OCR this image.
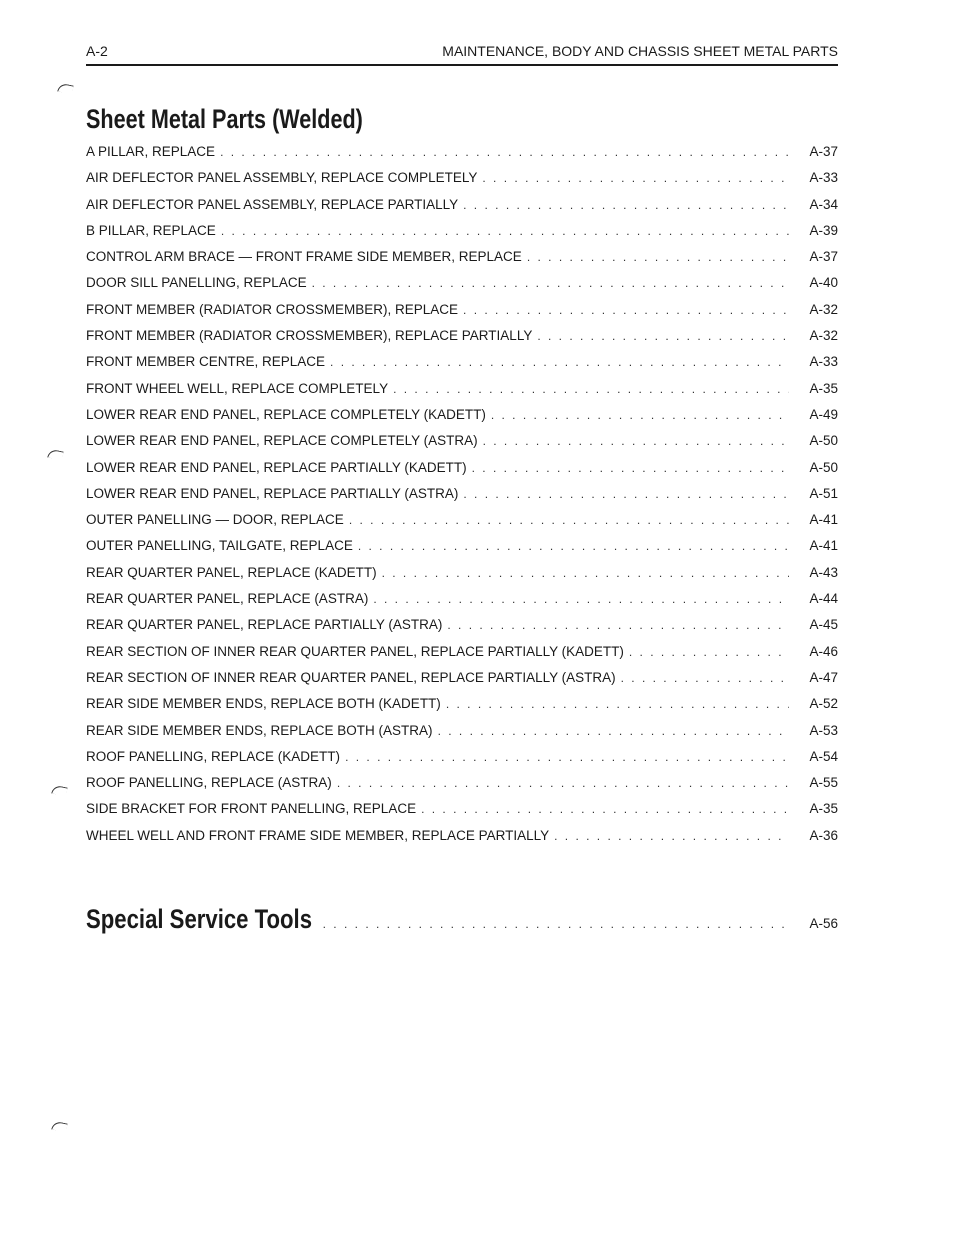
A-2	MAINTENANCE, BODY AND CHASSIS SHEET METAL PARTS
Sheet Metal Parts (Welded)
A PILLAR, REPLACE . . .	A-37
AIR DEFLECTOR PANEL ASSEMBLY, REPLACE COMPLETELY . . .	A-33
AIR DEFLECTOR PANEL ASSEMBLY, REPLACE PARTIALLY . . .	A-34
B PILLAR, REPLACE . . .	A-39
CONTROL ARM BRACE — FRONT FRAME SIDE MEMBER, REPLACE . . .	A-37
DOOR SILL PANELLING, REPLACE . . .	A-40
FRONT MEMBER (RADIATOR CROSSMEMBER), REPLACE . . .	A-32
FRONT MEMBER (RADIATOR CROSSMEMBER), REPLACE PARTIALLY . . .	A-32
FRONT MEMBER CENTRE, REPLACE . . .	A-33
FRONT WHEEL WELL, REPLACE COMPLETELY . . .	A-35
LOWER REAR END PANEL, REPLACE COMPLETELY (KADETT) . . .	A-49
LOWER REAR END PANEL, REPLACE COMPLETELY (ASTRA) . . .	A-50
LOWER REAR END PANEL, REPLACE PARTIALLY (KADETT) . . .	A-50
LOWER REAR END PANEL, REPLACE PARTIALLY (ASTRA) . . .	A-51
OUTER PANELLING — DOOR, REPLACE . . .	A-41
OUTER PANELLING, TAILGATE, REPLACE . . .	A-41
REAR QUARTER PANEL, REPLACE (KADETT) . . .	A-43
REAR QUARTER PANEL, REPLACE (ASTRA) . . .	A-44
REAR QUARTER PANEL, REPLACE PARTIALLY (ASTRA) . . .	A-45
REAR SECTION OF INNER REAR QUARTER PANEL, REPLACE PARTIALLY (KADETT) . . .	A-46
REAR SECTION OF INNER REAR QUARTER PANEL, REPLACE PARTIALLY (ASTRA) . . .	A-47
REAR SIDE MEMBER ENDS, REPLACE BOTH (KADETT) . . .	A-52
REAR SIDE MEMBER ENDS, REPLACE BOTH (ASTRA) . . .	A-53
ROOF PANELLING, REPLACE (KADETT) . . .	A-54
ROOF PANELLING, REPLACE (ASTRA) . . .	A-55
SIDE BRACKET FOR FRONT PANELLING, REPLACE . . .	A-35
WHEEL WELL AND FRONT FRAME SIDE MEMBER, REPLACE PARTIALLY . . .	A-36
Special Service Tools . . .	A-56
